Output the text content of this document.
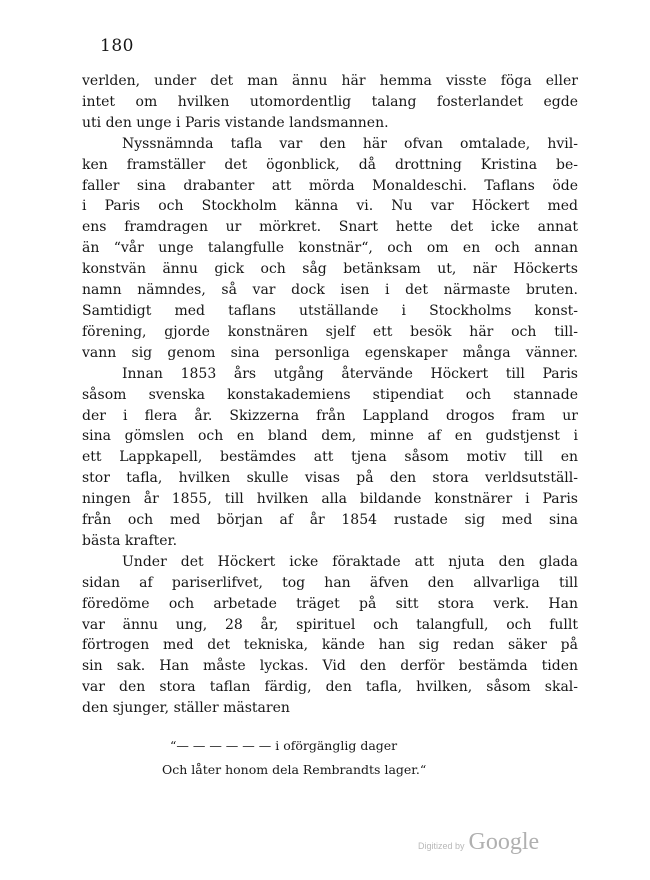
180
verlden, under det man ännu här hemma visste föga eller
intet om hvilken utomordentlig talang fosterlandet egde
uti den unge i Paris vistande landsmannen.
Nyssnämnda tafla var den här ofvan omtalade, hvil-
ken framställer det ögonblick, då drottning Kristina be-
faller sina drabanter att mörda Monaldeschi. Taflans öde
i Paris och Stockholm känna vi. Nu var Höckert med
ens framdragen ur mörkret. Snart hette det icke annat
än “vår unge talangfulle konstnär“, och om en och annan
konstvän ännu gick och såg betänksam ut, när Höckerts
namn nämndes, så var dock isen i det närmaste bruten.
Samtidigt med taflans utställande i Stockholms konst-
förening, gjorde konstnären sjelf ett besök här och till-
vann sig genom sina personliga egenskaper många vänner.
Innan 1853 års utgång återvände Höckert till Paris
såsom svenska konstakademiens stipendiat och stannade
der i flera år. Skizzerna från Lappland drogos fram ur
sina gömslen och en bland dem, minne af en gudstjenst i
ett Lappkapell, bestämdes att tjena såsom motiv till en
stor tafla, hvilken skulle visas på den stora verldsutställ-
ningen år 1855, till hvilken alla bildande konstnärer i Paris
från och med början af år 1854 rustade sig med sina
bästa krafter.
Under det Höckert icke föraktade att njuta den glada
sidan af pariserlifvet, tog han äfven den allvarliga till
föredöme och arbetade träget på sitt stora verk. Han
var ännu ung, 28 år, spirituel och talangfull, och fullt
förtrogen med det tekniska, kände han sig redan säker på
sin sak. Han måste lyckas. Vid den derför bestämda tiden
var den stora taflan färdig, den tafla, hvilken, såsom skal-
den sjunger, ställer mästaren
“— — — — — — i oförgänglig dager
Och låter honom dela Rembrandts lager.“
Digitized by Google
